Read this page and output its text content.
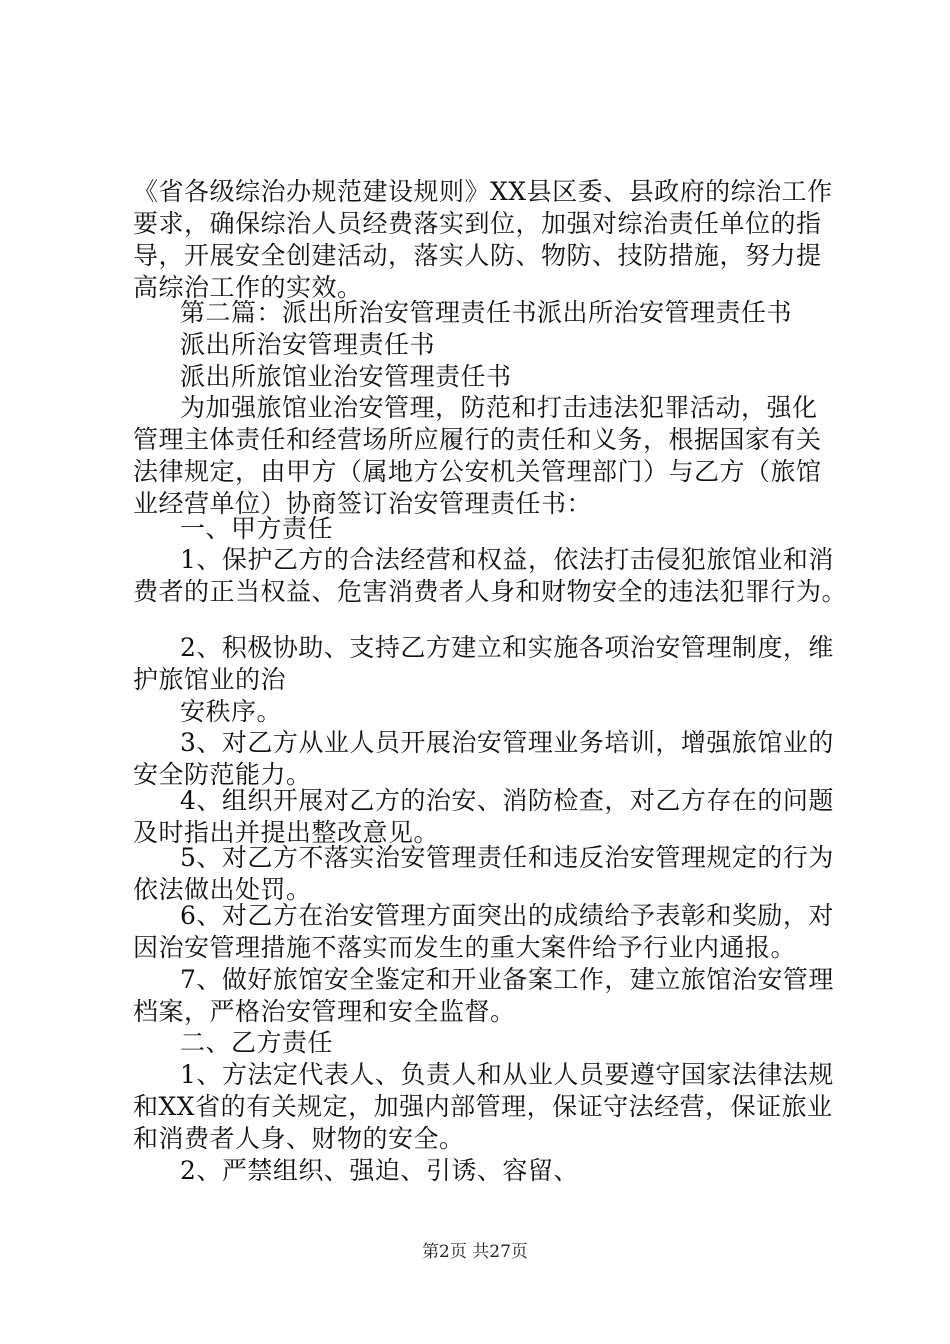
《省各级综治办规范建设规则》XX县区委、县政府的综治工作
要求，确保综治人员经费落实到位，加强对综治责任单位的指
导，开展安全创建活动，落实人防、物防、技防措施，努力提
高综治工作的实效。
第二篇：派出所治安管理责任书派出所治安管理责任书
派出所治安管理责任书
派出所旅馆业治安管理责任书
为加强旅馆业治安管理，防范和打击违法犯罪活动，强化
管理主体责任和经营场所应履行的责任和义务，根据国家有关
法律规定，由甲方（属地方公安机关管理部门）与乙方（旅馆
业经营单位）协商签订治安管理责任书：
一、甲方责任
1、保护乙方的合法经营和权益，依法打击侵犯旅馆业和消
费者的正当权益、危害消费者人身和财物安全的违法犯罪行为。
2、积极协助、支持乙方建立和实施各项治安管理制度，维
护旅馆业的治
安秩序。
3、对乙方从业人员开展治安管理业务培训，增强旅馆业的
安全防范能力。
4、组织开展对乙方的治安、消防检查，对乙方存在的问题
及时指出并提出整改意见。
5、对乙方不落实治安管理责任和违反治安管理规定的行为
依法做出处罚。
6、对乙方在治安管理方面突出的成绩给予表彰和奖励，对
因治安管理措施不落实而发生的重大案件给予行业内通报。
7、做好旅馆安全鉴定和开业备案工作，建立旅馆治安管理
档案，严格治安管理和安全监督。
二、乙方责任
1、方法定代表人、负责人和从业人员要遵守国家法律法规
和XX省的有关规定，加强内部管理，保证守法经营，保证旅业
和消费者人身、财物的安全。
2、严禁组织、强迫、引诱、容留、
第2页 共27页
